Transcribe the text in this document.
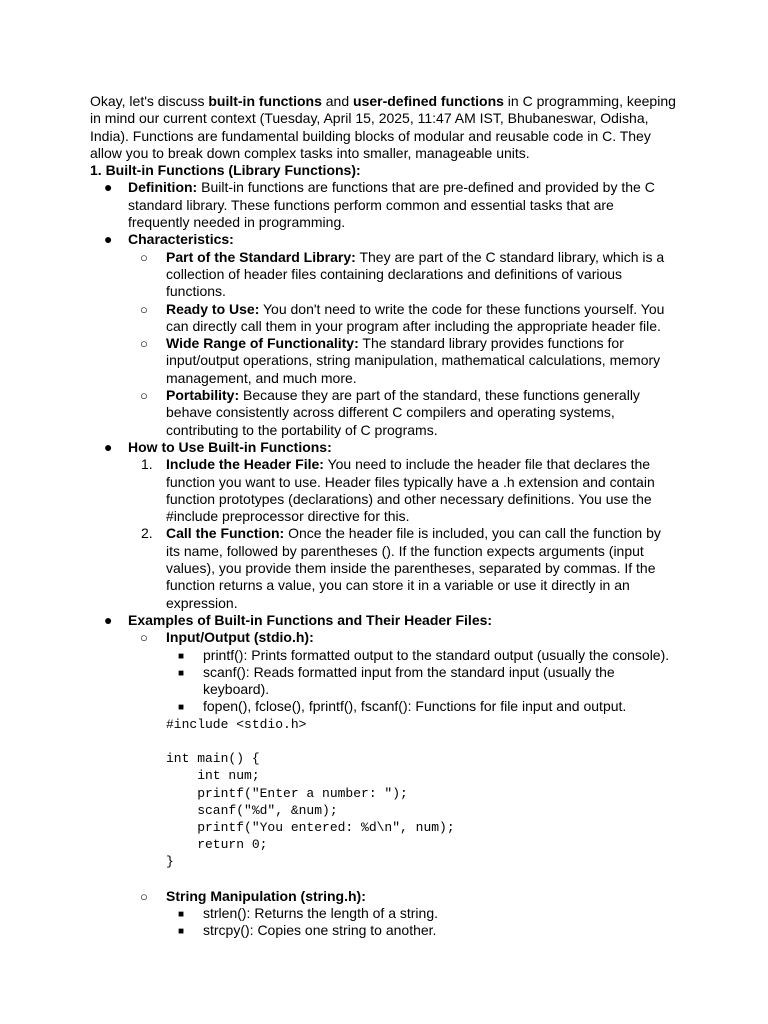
Okay, let's discuss built-in functions and user-defined functions in C programming, keeping in mind our current context (Tuesday, April 15, 2025, 11:47 AM IST, Bhubaneswar, Odisha, India). Functions are fundamental building blocks of modular and reusable code in C. They allow you to break down complex tasks into smaller, manageable units.

1. Built-in Functions (Library Functions):

● Definition: Built-in functions are functions that are pre-defined and provided by the C standard library. These functions perform common and essential tasks that are frequently needed in programming.
● Characteristics:
○ Part of the Standard Library: They are part of the C standard library, which is a collection of header files containing declarations and definitions of various functions.
○ Ready to Use: You don't need to write the code for these functions yourself. You can directly call them in your program after including the appropriate header file.
○ Wide Range of Functionality: The standard library provides functions for input/output operations, string manipulation, mathematical calculations, memory management, and much more.
○ Portability: Because they are part of the standard, these functions generally behave consistently across different C compilers and operating systems, contributing to the portability of C programs.
● How to Use Built-in Functions:
1. Include the Header File: You need to include the header file that declares the function you want to use. Header files typically have a .h extension and contain function prototypes (declarations) and other necessary definitions. You use the #include preprocessor directive for this.
2. Call the Function: Once the header file is included, you can call the function by its name, followed by parentheses (). If the function expects arguments (input values), you provide them inside the parentheses, separated by commas. If the function returns a value, you can store it in a variable or use it directly in an expression.
● Examples of Built-in Functions and Their Header Files:
○ Input/Output (stdio.h):
■ printf(): Prints formatted output to the standard output (usually the console).
■ scanf(): Reads formatted input from the standard input (usually the keyboard).
■ fopen(), fclose(), fprintf(), fscanf(): Functions for file input and output.
#include <stdio.h>

int main() {
int num;
printf("Enter a number: ");
scanf("%d", &num);
printf("You entered: %d\n", num);
return 0;
}
○ String Manipulation (string.h):
■ strlen(): Returns the length of a string.
■ strcpy(): Copies one string to another.
